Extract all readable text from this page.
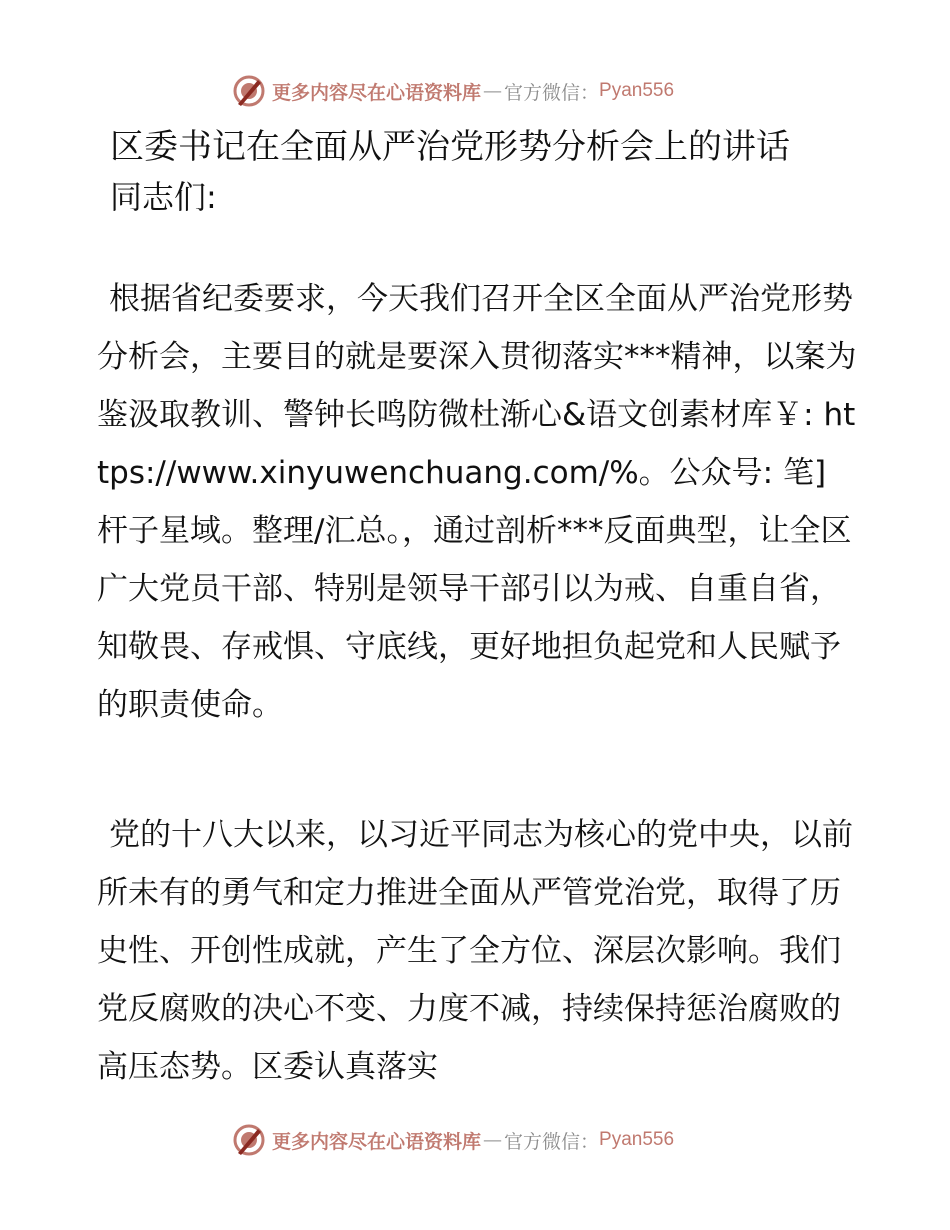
更多内容尽在心语资料库 — 官方微信： Pyan556
区委书记在全面从严治党形势分析会上的讲话
同志们:

根据省纪委要求，今天我们召开全区全面从严治党形势分析会，主要目的就是要深入贯彻落实***精神，以案为鉴汲取教训、警钟长鸣防微杜渐心&语文创素材库￥: https://www.xinyuwenchuang.com/%。公众号: 笔]杆子星域。整理/汇总。，通过剖析***反面典型，让全区广大党员干部、特别是领导干部引以为戒、自重自省，知敬畏、存戒惧、守底线，更好地担负起党和人民赋予的职责使命。

党的十八大以来，以习近平同志为核心的党中央，以前所未有的勇气和定力推进全面从严管党治党，取得了历史性、开创性成就，产生了全方位、深层次影响。我们党反腐败的决心不变、力度不减，持续保持惩治腐败的高压态势。区委认真落实

更多内容尽在心语资料库 — 官方微信： Pyan556
